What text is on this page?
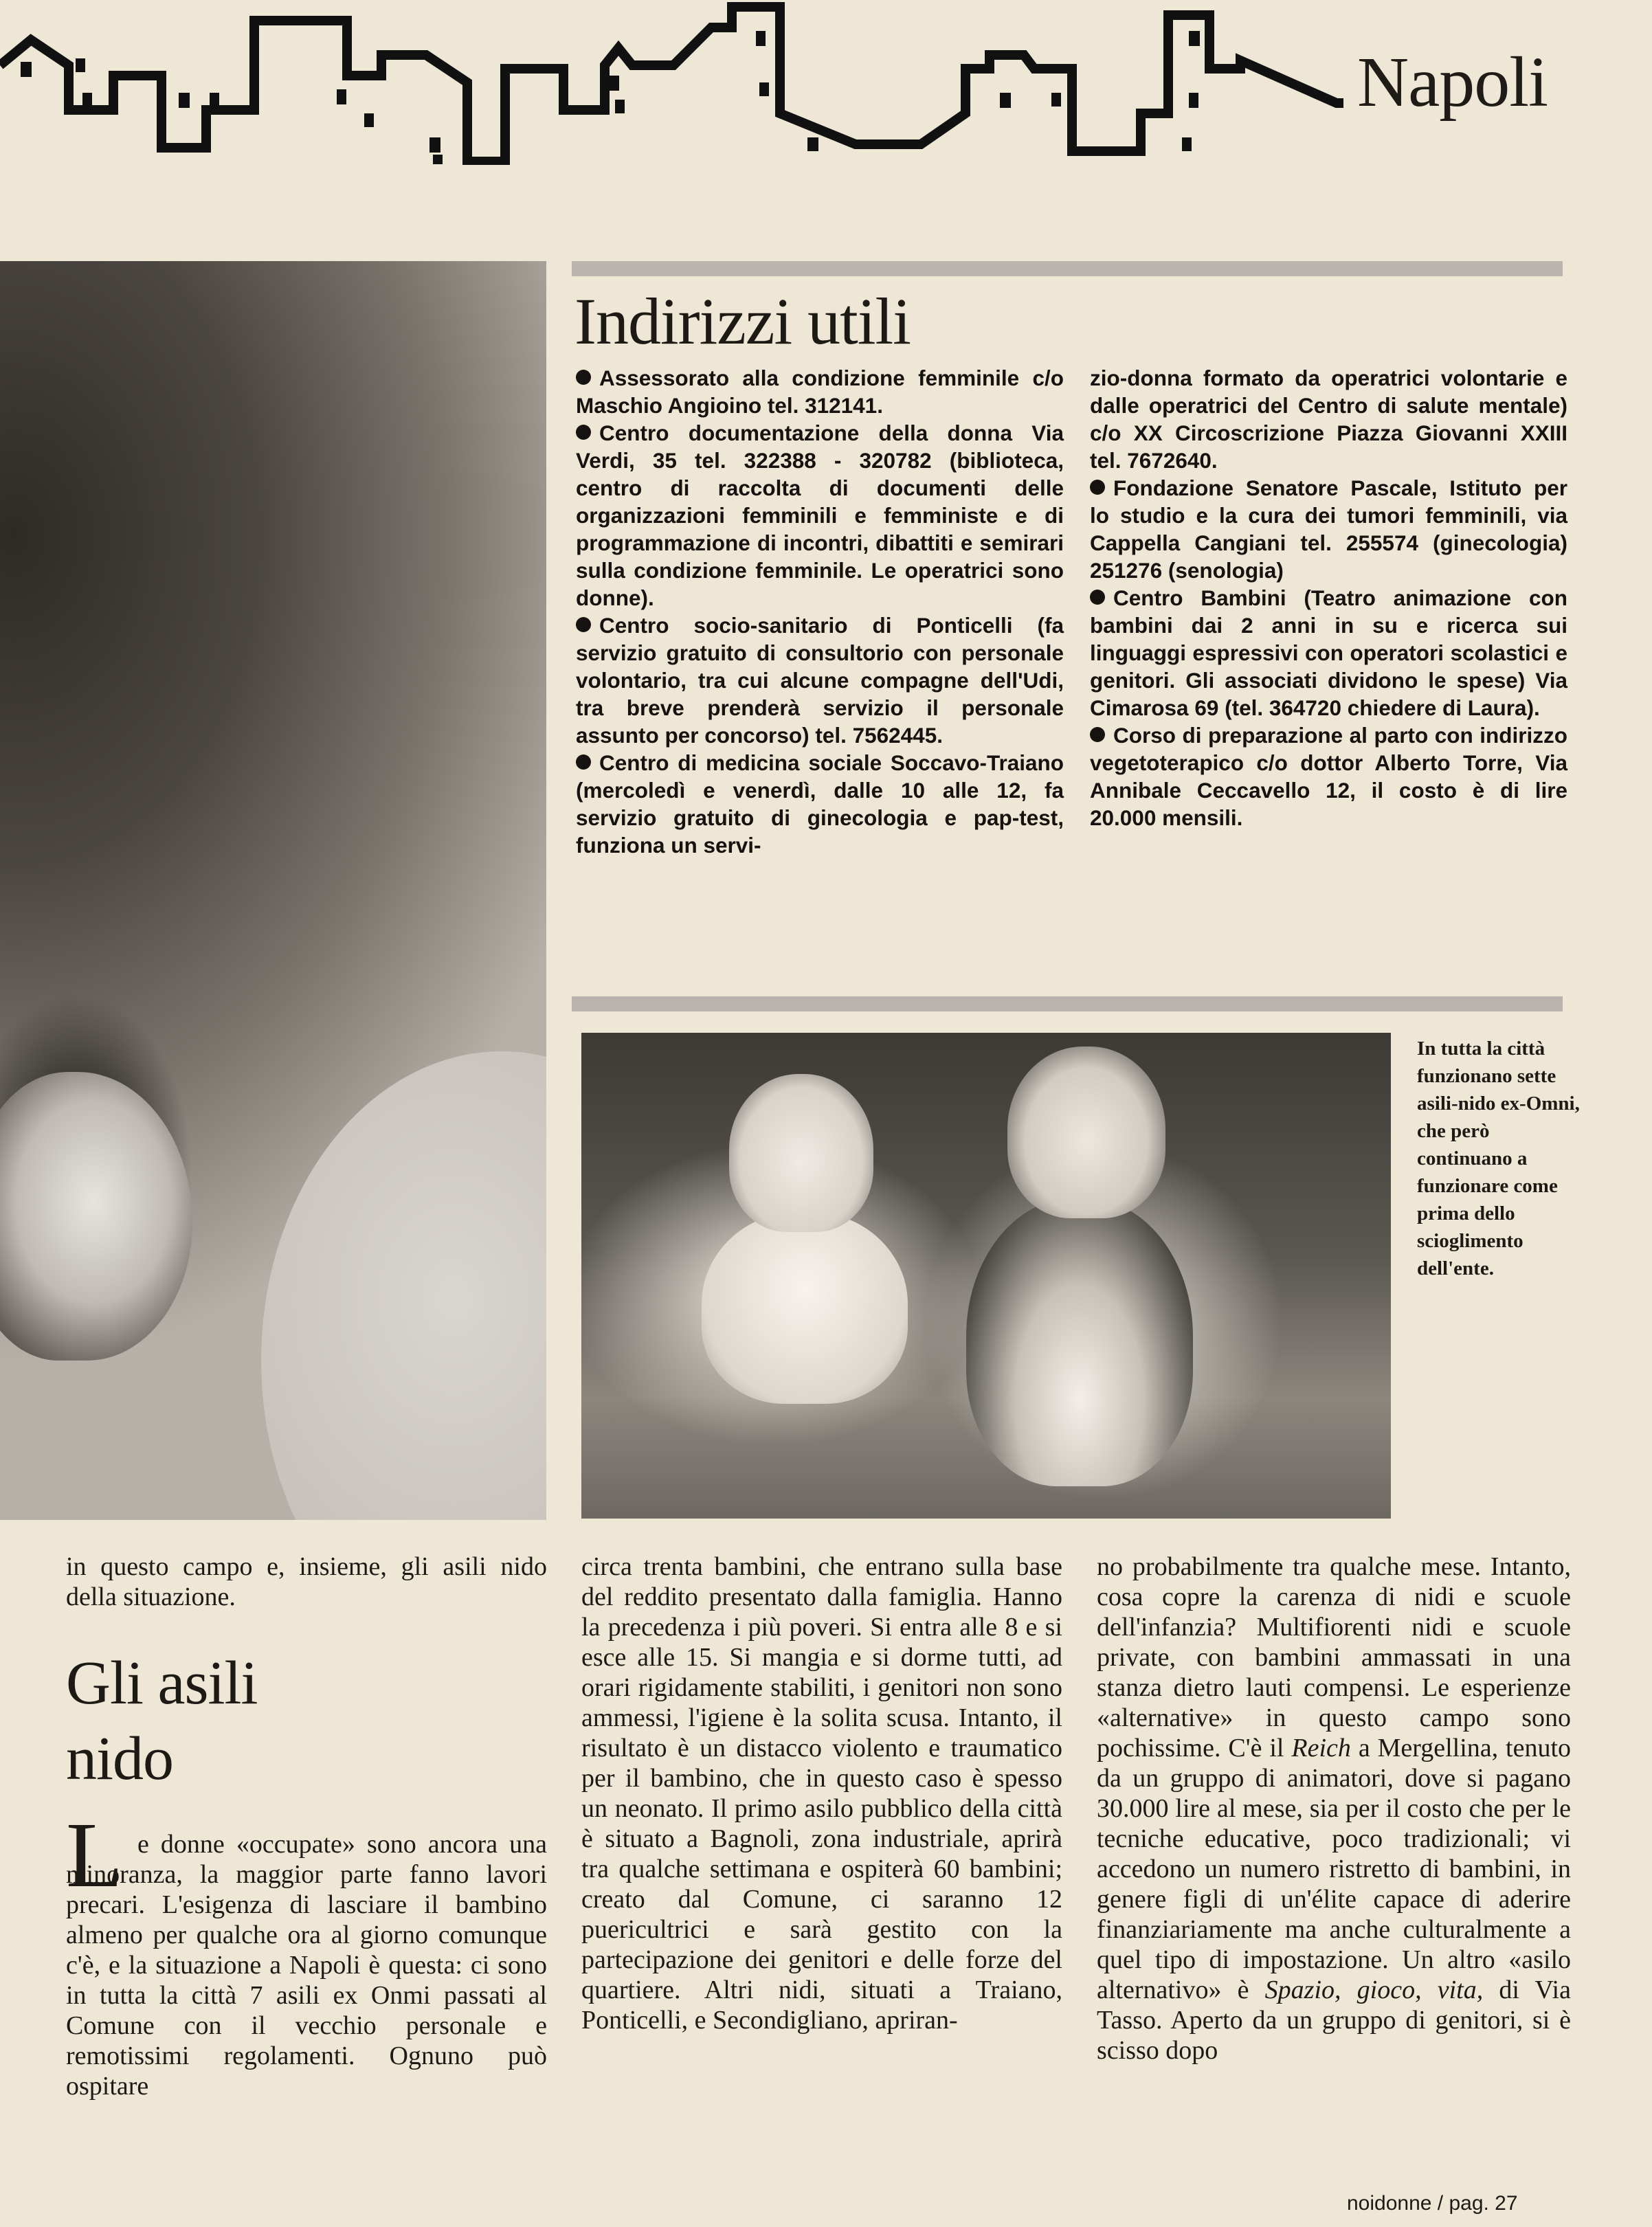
Napoli
Indirizzi utili

Assessorato alla condizione femminile c/o Maschio Angioino tel. 312141.

Centro documentazione della donna Via Verdi, 35 tel. 322388 - 320782 (biblioteca, centro di raccolta di documenti delle organizzazioni femminili e femministe e di programmazione di incontri, dibattiti e semirari sulla condizione femminile. Le operatrici sono donne).

Centro socio-sanitario di Ponticelli (fa servizio gratuito di consultorio con personale volontario, tra cui alcune compagne dell'Udi, tra breve prenderà servizio il personale assunto per concorso) tel. 7562445.

Centro di medicina sociale Soccavo-Traiano (mercoledì e venerdì, dalle 10 alle 12, fa servizio gratuito di ginecologia e pap-test, funziona un servi-

zio-donna formato da operatrici volontarie e dalle operatrici del Centro di salute mentale) c/o XX Circoscrizione Piazza Giovanni XXIII tel. 7672640.

Fondazione Senatore Pascale, Istituto per lo studio e la cura dei tumori femminili, via Cappella Cangiani tel. 255574 (ginecologia) 251276 (senologia)

Centro Bambini (Teatro animazione con bambini dai 2 anni in su e ricerca sui linguaggi espressivi con operatori scolastici e genitori. Gli associati dividono le spese) Via Cimarosa 69 (tel. 364720 chiedere di Laura).

Corso di preparazione al parto con indirizzo vegetoterapico c/o dottor Alberto Torre, Via Annibale Ceccavello 12, il costo è di lire 20.000 mensili.

In tutta la città funzionano sette asili-nido ex-Omni, che però continuano a funzionare come prima dello scioglimento dell'ente.

in questo campo e, insieme, gli asili nido della situazione.

Gli asili nido
L e donne «occupate» sono ancora una minoranza, la maggior parte fanno lavori precari. L'esigenza di lasciare il bambino almeno per qualche ora al giorno comunque c'è, e la situazione a Napoli è questa: ci sono in tutta la città 7 asili ex Onmi passati al Comune con il vecchio personale e remotissimi regolamenti. Ognuno può ospitare

circa trenta bambini, che entrano sulla base del reddito presentato dalla famiglia. Hanno la precedenza i più poveri. Si entra alle 8 e si esce alle 15. Si mangia e si dorme tutti, ad orari rigidamente stabiliti, i genitori non sono ammessi, l'igiene è la solita scusa. Intanto, il risultato è un distacco violento e traumatico per il bambino, che in questo caso è spesso un neonato. Il primo asilo pubblico della città è situato a Bagnoli, zona industriale, aprirà tra qualche settimana e ospiterà 60 bambini; creato dal Comune, ci saranno 12 puericultrici e sarà gestito con la partecipazione dei genitori e delle forze del quartiere. Altri nidi, situati a Traiano, Ponticelli, e Secondigliano, apriran-

no probabilmente tra qualche mese. Intanto, cosa copre la carenza di nidi e scuole dell'infanzia? Multifiorenti nidi e scuole private, con bambini ammassati in una stanza dietro lauti compensi. Le esperienze «alternative» in questo campo sono pochissime. C'è il Reich a Mergellina, tenuto da un gruppo di animatori, dove si pagano 30.000 lire al mese, sia per il costo che per le tecniche educative, poco tradizionali; vi accedono un numero ristretto di bambini, in genere figli di un'élite capace di aderire finanziariamente ma anche culturalmente a quel tipo di impostazione. Un altro «asilo alternativo» è Spazio, gioco, vita, di Via Tasso. Aperto da un gruppo di genitori, si è scisso dopo

noidonne / pag. 27
